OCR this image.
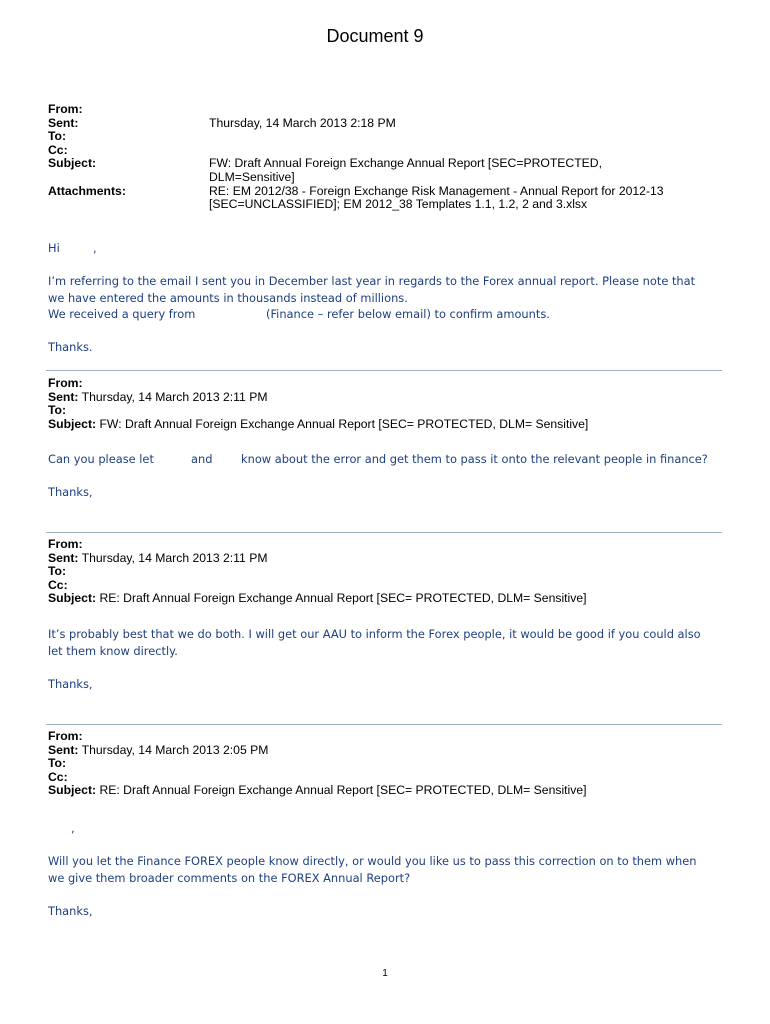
Document 9
From:
Sent:	Thursday, 14 March 2013 2:18 PM
To:
Cc:
Subject:	FW: Draft Annual Foreign Exchange Annual Report [SEC=PROTECTED,
DLM=Sensitive]
Attachments:	RE: EM 2012/38 - Foreign Exchange Risk Management - Annual Report for 2012-13
[SEC=UNCLASSIFIED]; EM 2012_38 Templates 1.1, 1.2, 2 and 3.xlsx
Hi	,
I’m referring to the email I sent you in December last year in regards to the Forex annual report. Please note that
we have entered the amounts in thousands instead of millions.
We received a query from	(Finance – refer below email) to confirm amounts.
Thanks.
From:
Sent: Thursday, 14 March 2013 2:11 PM
To:
Subject: FW: Draft Annual Foreign Exchange Annual Report [SEC= PROTECTED, DLM= Sensitive]
Can you please let	and	know about the error and get them to pass it onto the relevant people in finance?
Thanks,
From:
Sent: Thursday, 14 March 2013 2:11 PM
To:
Cc:
Subject: RE: Draft Annual Foreign Exchange Annual Report [SEC= PROTECTED, DLM= Sensitive]
It’s probably best that we do both. I will get our AAU to inform the Forex people, it would be good if you could also
let them know directly.
Thanks,
From:
Sent: Thursday, 14 March 2013 2:05 PM
To:
Cc:
Subject: RE: Draft Annual Foreign Exchange Annual Report [SEC= PROTECTED, DLM= Sensitive]
,
Will you let the Finance FOREX people know directly, or would you like us to pass this correction on to them when
we give them broader comments on the FOREX Annual Report?
Thanks,
1
